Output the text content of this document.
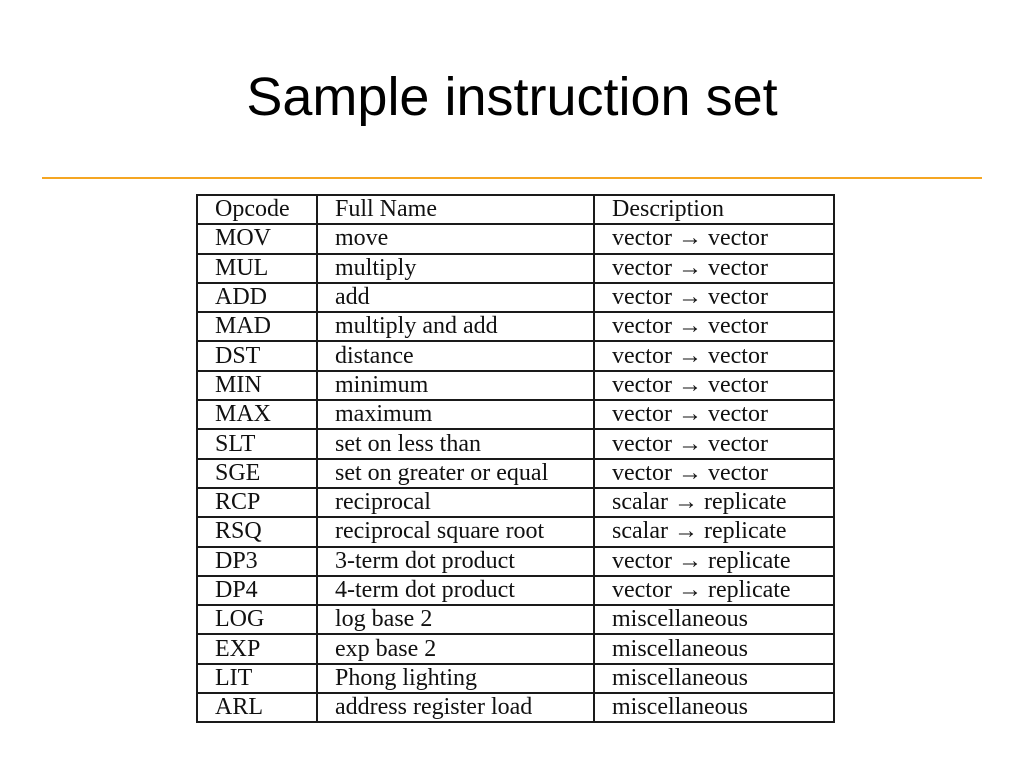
Sample instruction set
Opcode	Full Name	Description
MOV	move	vector → vector
MUL	multiply	vector → vector
ADD	add	vector → vector
MAD	multiply and add	vector → vector
DST	distance	vector → vector
MIN	minimum	vector → vector
MAX	maximum	vector → vector
SLT	set on less than	vector → vector
SGE	set on greater or equal	vector → vector
RCP	reciprocal	scalar → replicate
RSQ	reciprocal square root	scalar → replicate
DP3	3-term dot product	vector → replicate
DP4	4-term dot product	vector → replicate
LOG	log base 2	miscellaneous
EXP	exp base 2	miscellaneous
LIT	Phong lighting	miscellaneous
ARL	address register load	miscellaneous
